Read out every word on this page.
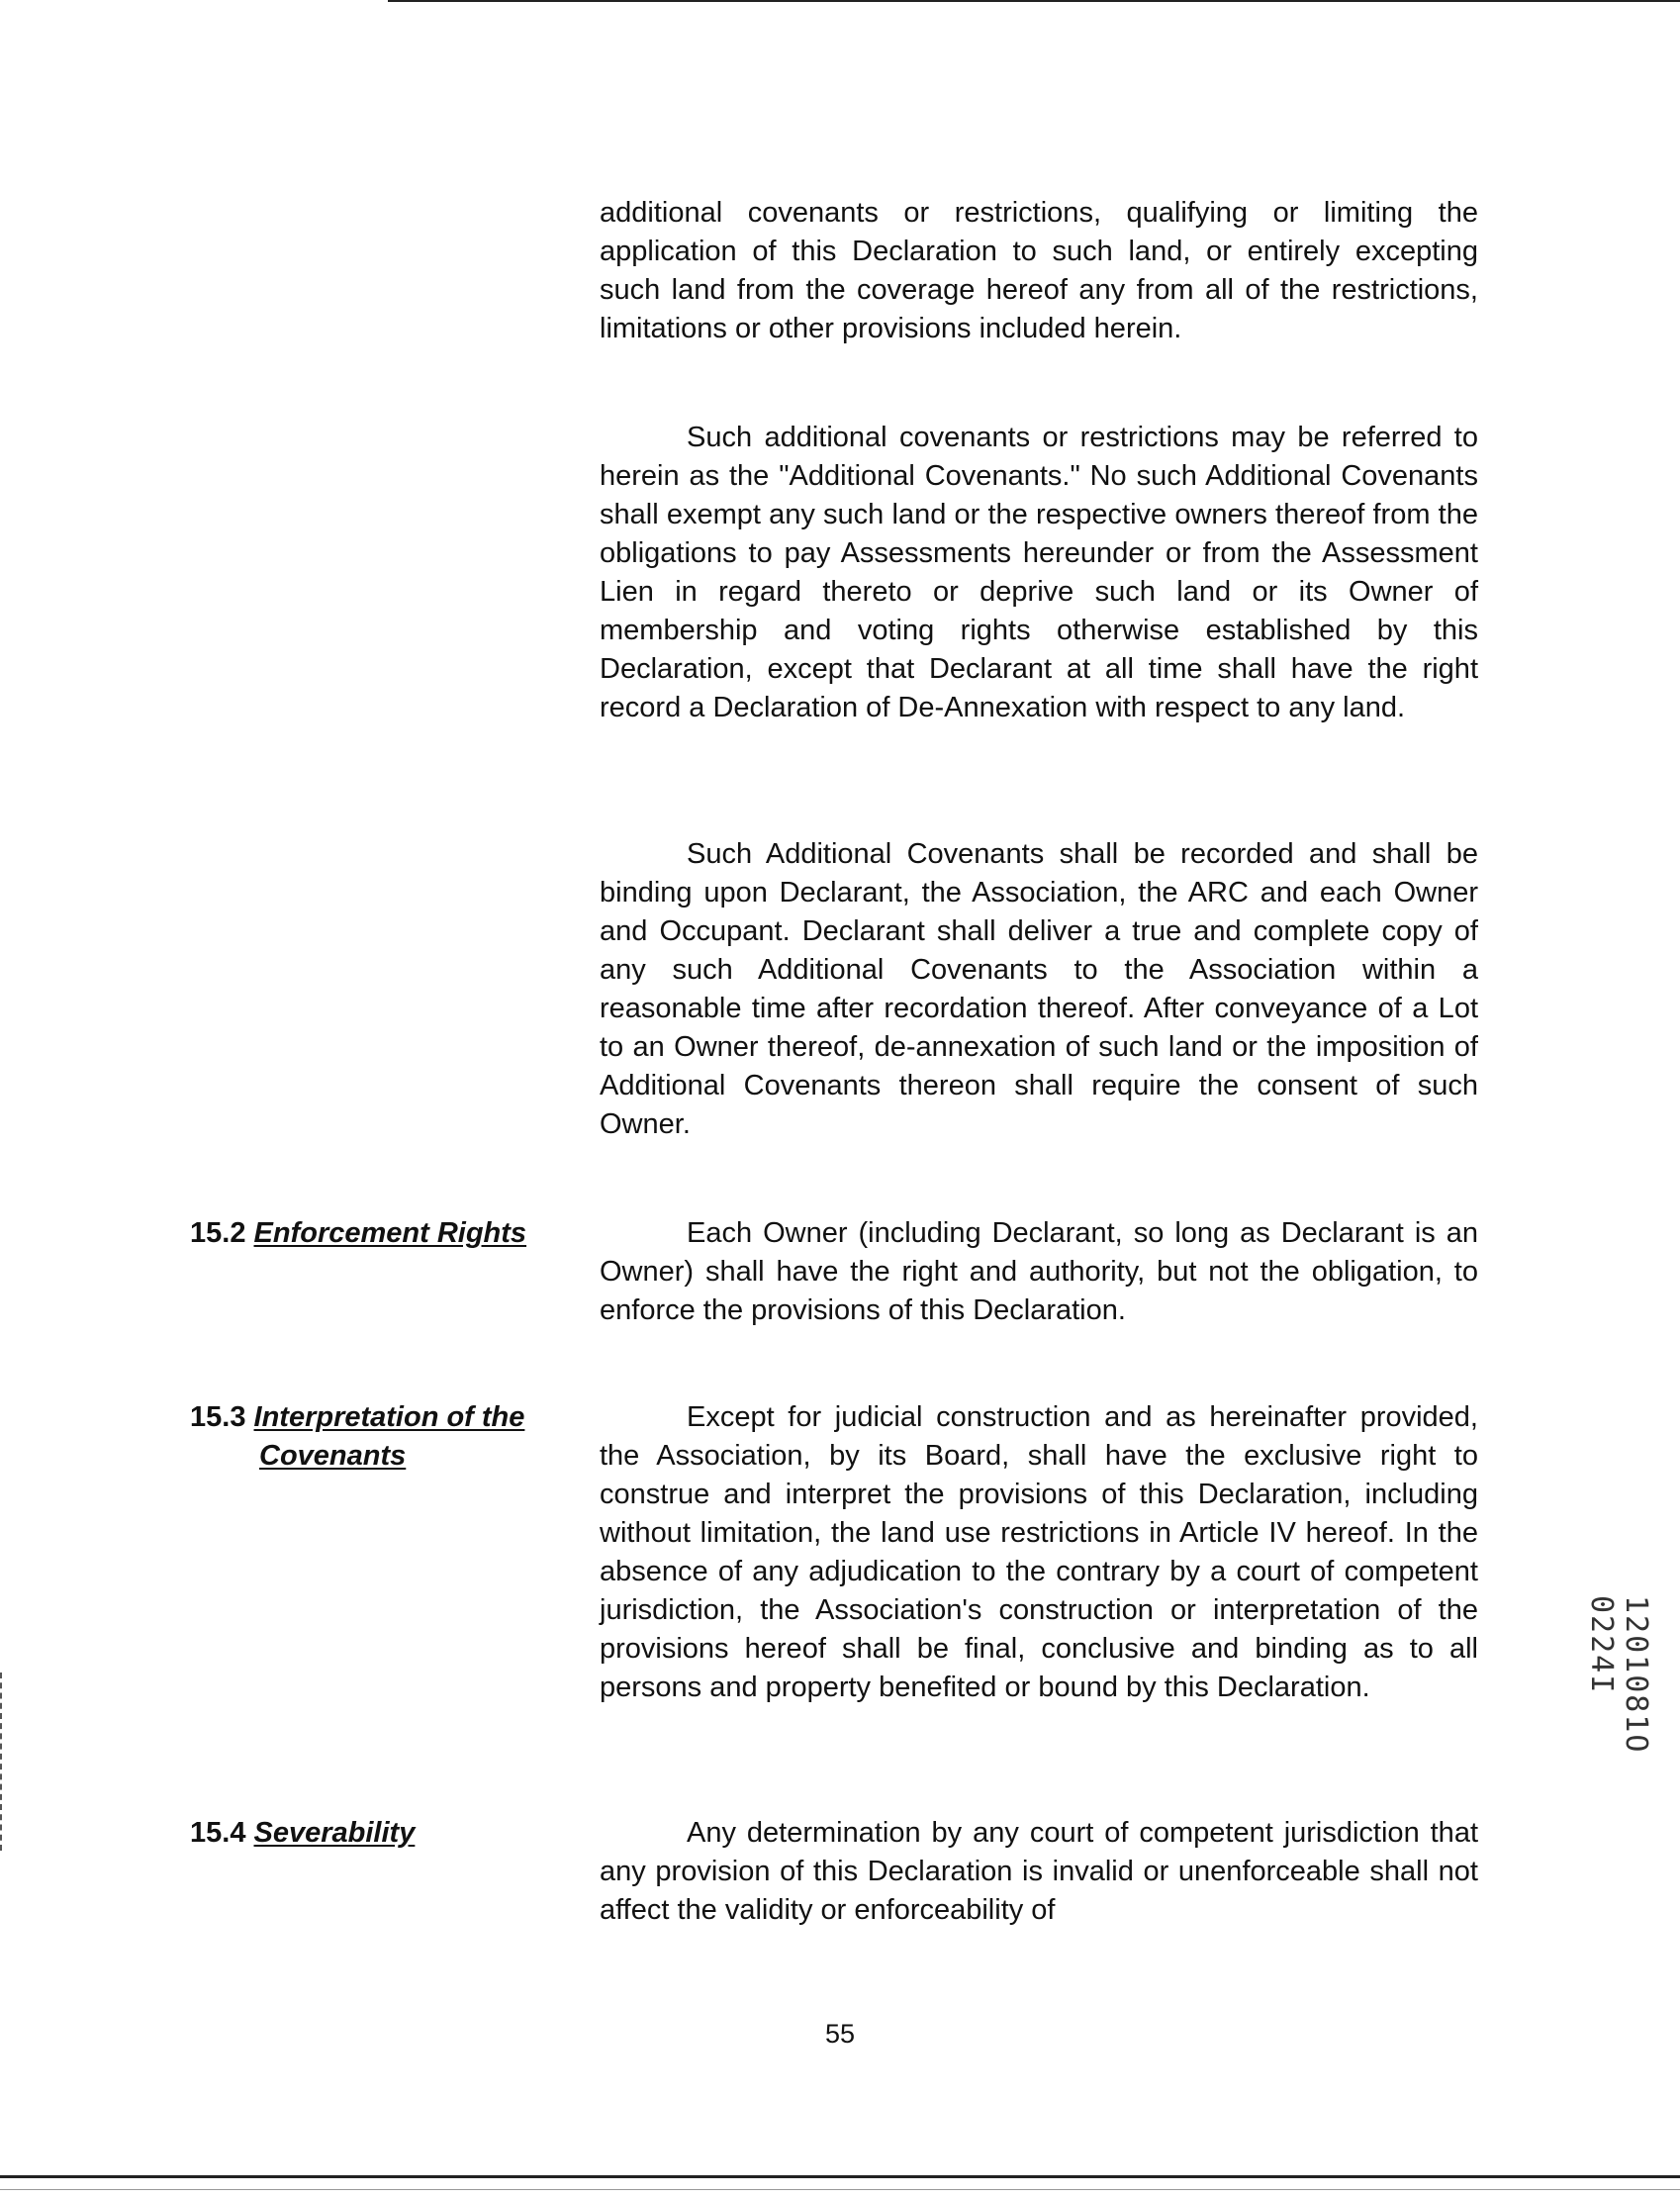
additional covenants or restrictions, qualifying or limiting the application of this Declaration to such land, or entirely excepting such land from the coverage hereof any from all of the restrictions, limitations or other provisions included herein.

Such additional covenants or restrictions may be referred to herein as the "Additional Covenants." No such Additional Covenants shall exempt any such land or the respective owners thereof from the obligations to pay Assessments hereunder or from the Assessment Lien in regard thereto or deprive such land or its Owner of membership and voting rights otherwise established by this Declaration, except that Declarant at all time shall have the right record a Declaration of De-Annexation with respect to any land.

Such Additional Covenants shall be recorded and shall be binding upon Declarant, the Association, the ARC and each Owner and Occupant. Declarant shall deliver a true and complete copy of any such Additional Covenants to the Association within a reasonable time after recordation thereof. After conveyance of a Lot to an Owner thereof, de-annexation of such land or the imposition of Additional Covenants thereon shall require the consent of such Owner.

15.2 Enforcement Rights	Each Owner (including Declarant, so long as Declarant is an Owner) shall have the right and authority, but not the obligation, to enforce the provisions of this Declaration.

15.3 Interpretation of the
Covenants

Except for judicial construction and as hereinafter provided, the Association, by its Board, shall have the exclusive right to construe and interpret the provisions of this Declaration, including without limitation, the land use restrictions in Article IV hereof. In the absence of any adjudication to the contrary by a court of competent jurisdiction, the Association's construction or interpretation of the provisions hereof shall be final, conclusive and binding as to all persons and property benefited or bound by this Declaration.

15.4 Severability	Any determination by any court of competent jurisdiction that any provision of this Declaration is invalid or unenforceable shall not affect the validity or enforceability of

1201081O 0224I

55
